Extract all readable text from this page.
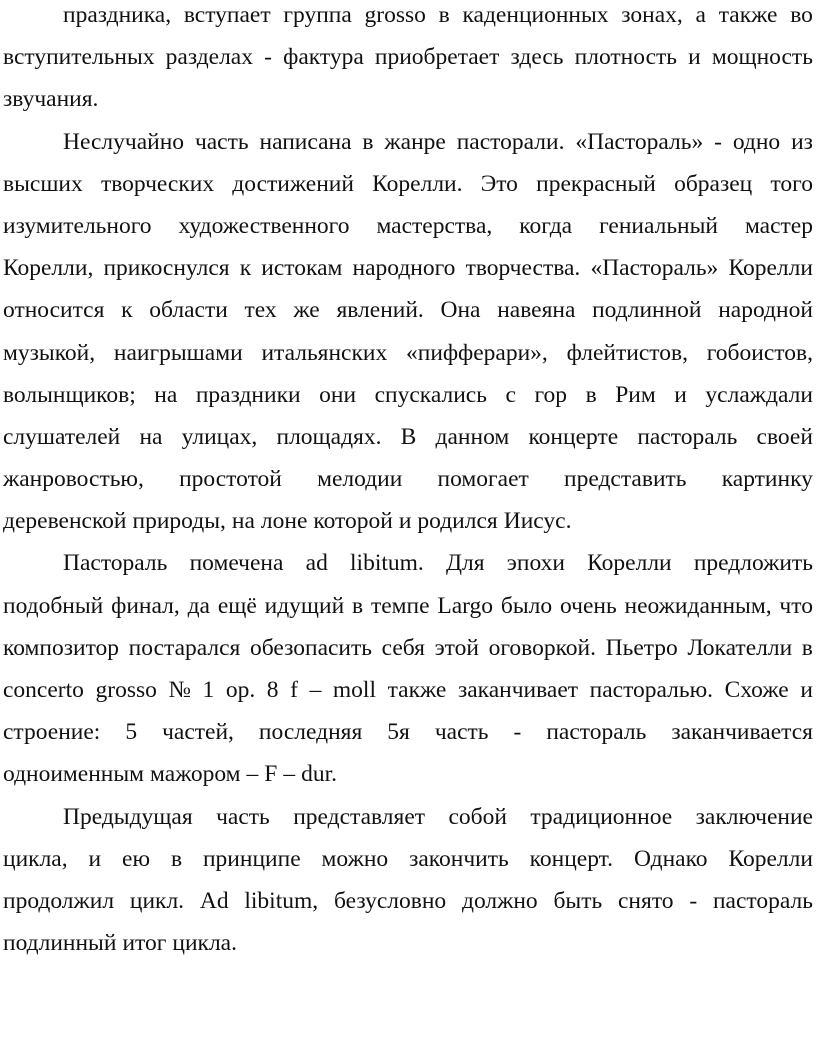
праздника, вступает группа grosso в каденционных зонах, а также во
вступительных разделах - фактура приобретает здесь плотность и мощность
звучания.
Неслучайно часть написана в жанре пасторали. «Пастораль» - одно из
высших творческих достижений Корелли. Это прекрасный образец того
изумительного художественного мастерства, когда гениальный мастер
Корелли, прикоснулся к истокам народного творчества. «Пастораль» Корелли
относится к области тех же явлений. Она навеяна подлинной народной
музыкой, наигрышами итальянских «пифферари», флейтистов, гобоистов,
волынщиков; на праздники они спускались с гор в Рим и услаждали
слушателей на улицах, площадях. В данном концерте пастораль своей
жанровостью, простотой мелодии помогает представить картинку
деревенской природы, на лоне которой и родился Иисус.
Пастораль помечена ad libitum. Для эпохи Корелли предложить
подобный финал, да ещё идущий в темпе Largo было очень неожиданным, что
композитор постарался обезопасить себя этой оговоркой. Пьетро Локателли в
concerto grosso № 1 op. 8 f – moll также заканчивает пасторалью. Схоже и
строение: 5 частей, последняя 5я часть - пастораль заканчивается
одноименным мажором – F – dur.
Предыдущая часть представляет собой традиционное заключение
цикла, и ею в принципе можно закончить концерт. Однако Корелли
продолжил цикл. Ad libitum, безусловно должно быть снято - пастораль
подлинный итог цикла.
